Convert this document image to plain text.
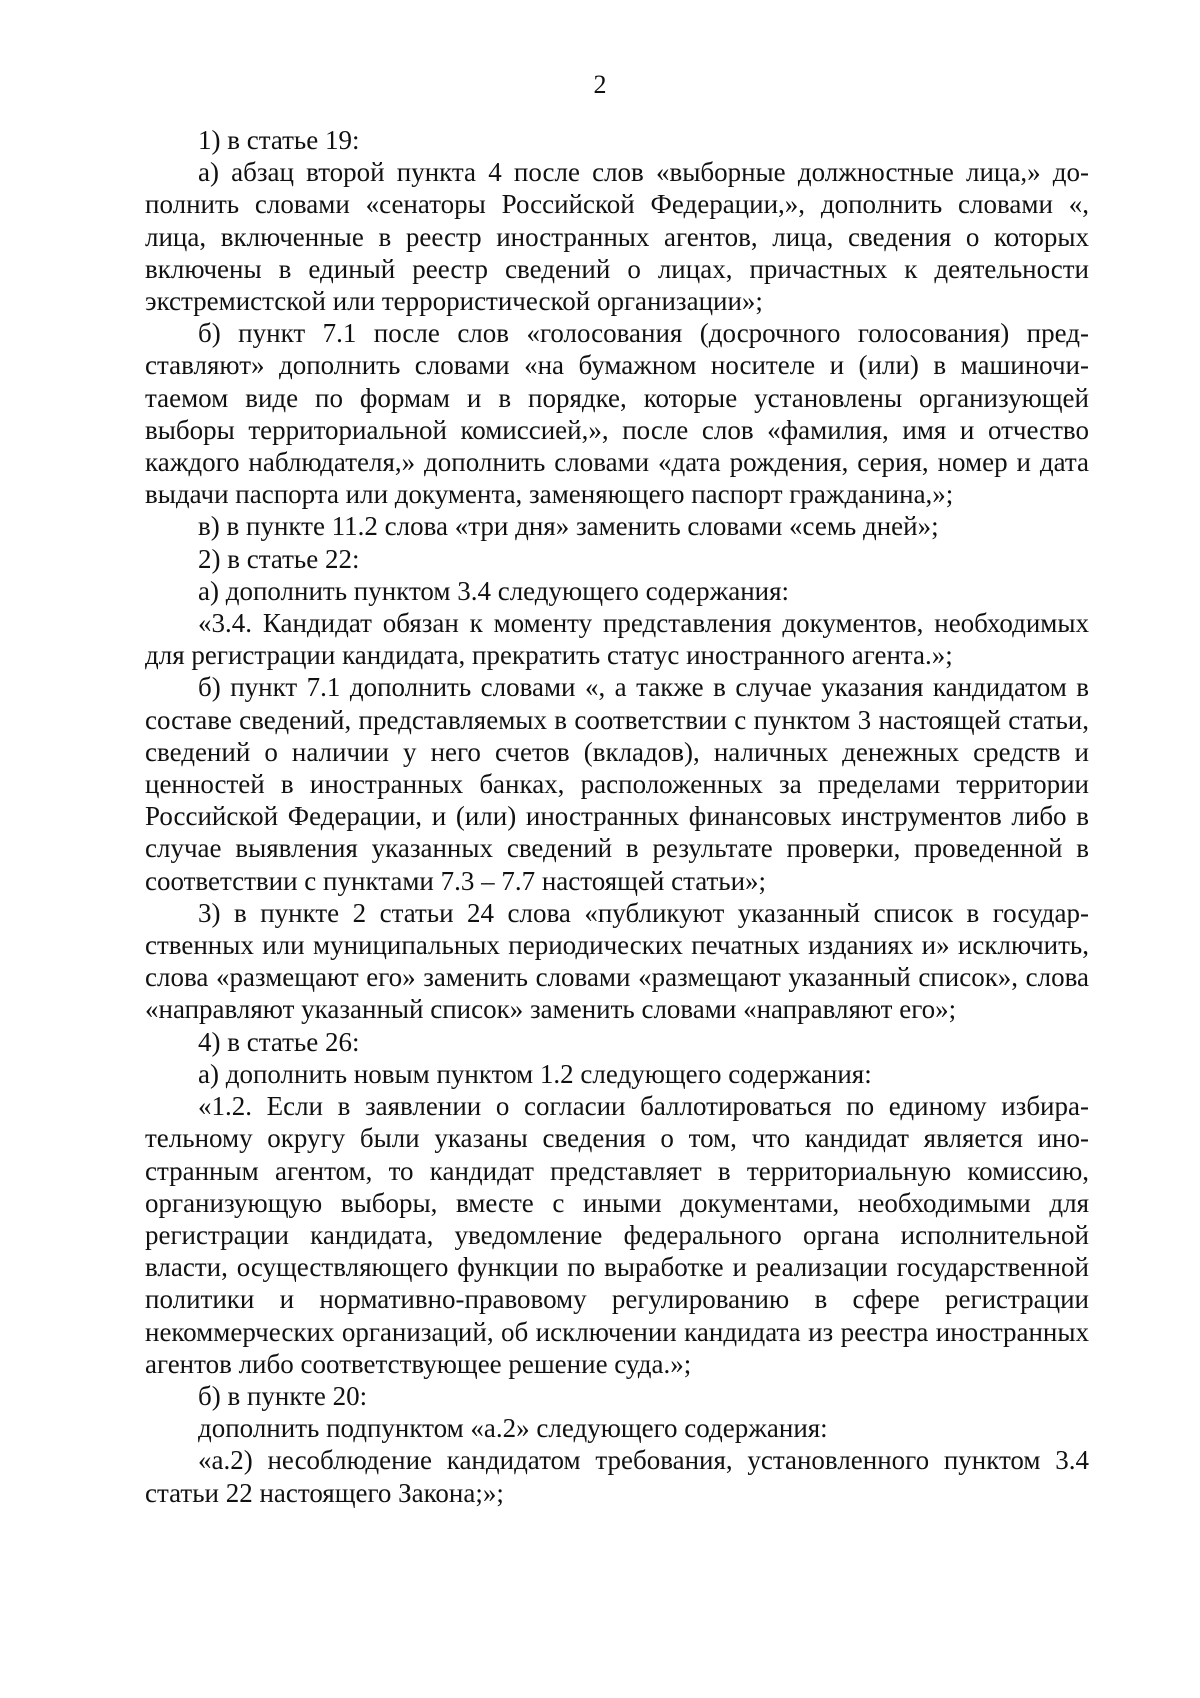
2

1) в статье 19:

а) абзац второй пункта 4 после слов «выборные должностные лица,» дополнить словами «сенаторы Российской Федерации,», дополнить словами «, лица, включенные в реестр иностранных агентов, лица, сведения о которых включены в единый реестр сведений о лицах, причастных к деятельности экстремистской или террористической организации»;

б) пункт 7.1 после слов «голосования (досрочного голосования) представляют» дополнить словами «на бумажном носителе и (или) в машиночитаемом виде по формам и в порядке, которые установлены организующей выборы территориальной комиссией,», после слов «фамилия, имя и отчество каждого наблюдателя,» дополнить словами «дата рождения, серия, номер и дата выдачи паспорта или документа, заменяющего паспорт гражданина,»;

в) в пункте 11.2 слова «три дня» заменить словами «семь дней»;

2) в статье 22:

а) дополнить пунктом 3.4 следующего содержания:

«3.4. Кандидат обязан к моменту представления документов, необходимых для регистрации кандидата, прекратить статус иностранного агента.»;

б) пункт 7.1 дополнить словами «, а также в случае указания кандидатом в составе сведений, представляемых в соответствии с пунктом 3 настоящей статьи, сведений о наличии у него счетов (вкладов), наличных денежных средств и ценностей в иностранных банках, расположенных за пределами территории Российской Федерации, и (или) иностранных финансовых инструментов либо в случае выявления указанных сведений в результате проверки, проведенной в соответствии с пунктами 7.3 – 7.7 настоящей статьи»;

3) в пункте 2 статьи 24 слова «публикуют указанный список в государственных или муниципальных периодических печатных изданиях и» исключить, слова «размещают его» заменить словами «размещают указанный список», слова «направляют указанный список» заменить словами «направляют его»;

4) в статье 26:

а) дополнить новым пунктом 1.2 следующего содержания:

«1.2. Если в заявлении о согласии баллотироваться по единому избирательному округу были указаны сведения о том, что кандидат является иностранным агентом, то кандидат представляет в территориальную комиссию, организующую выборы, вместе с иными документами, необходимыми для регистрации кандидата, уведомление федерального органа исполнительной власти, осуществляющего функции по выработке и реализации государственной политики и нормативно-правовому регулированию в сфере регистрации некоммерческих организаций, об исключении кандидата из реестра иностранных агентов либо соответствующее решение суда.»;

б) в пункте 20:

дополнить подпунктом «а.2» следующего содержания:

«а.2) несоблюдение кандидатом требования, установленного пунктом 3.4 статьи 22 настоящего Закона;»;
